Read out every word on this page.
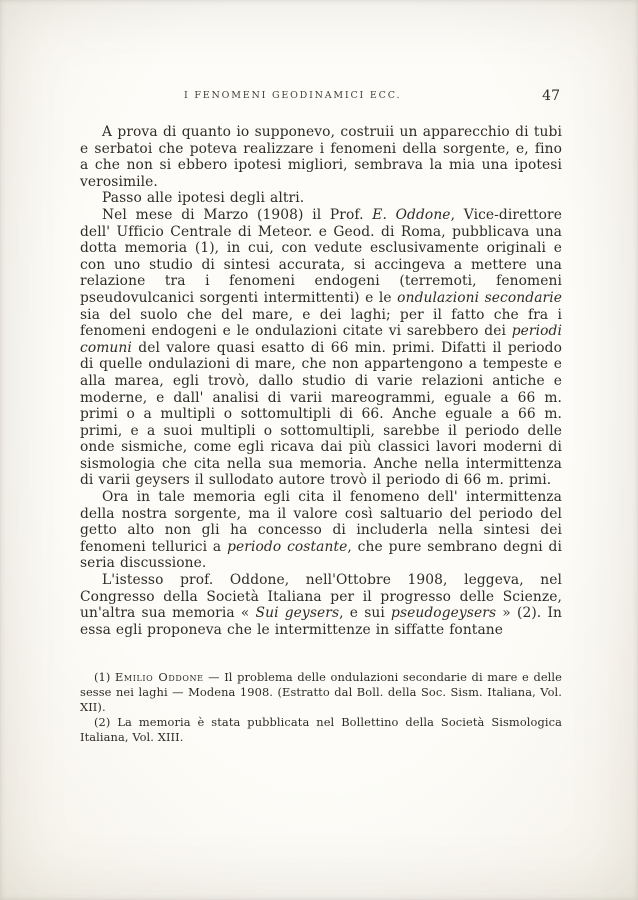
I FENOMENI GEODINAMICI ECC.	47

A prova di quanto io supponevo, costruii un apparecchio di tubi e serbatoi che poteva realizzare i fenomeni della sorgente, e, fino a che non si ebbero ipotesi migliori, sembrava la mia una ipotesi verosimile.

Passo alle ipotesi degli altri.

Nel mese di Marzo (1908) il Prof. E. Oddone, Vice-direttore dell' Ufficio Centrale di Meteor. e Geod. di Roma, pubblicava una dotta memoria (1), in cui, con vedute esclusivamente originali e con uno studio di sintesi accurata, si accingeva a mettere una relazione tra i fenomeni endogeni (terremoti, fenomeni pseudovulcanici sorgenti intermittenti) e le ondulazioni secondarie sia del suolo che del mare, e dei laghi; per il fatto che fra i fenomeni endogeni e le ondulazioni citate vi sarebbero dei periodi comuni del valore quasi esatto di 66 min. primi. Difatti il periodo di quelle ondulazioni di mare, che non appartengono a tempeste e alla marea, egli trovò, dallo studio di varie relazioni antiche e moderne, e dall' analisi di varii mareogrammi, eguale a 66 m. primi o a multipli o sottomultipli di 66. Anche eguale a 66 m. primi, e a suoi multipli o sottomultipli, sarebbe il periodo delle onde sismiche, come egli ricava dai più classici lavori moderni di sismologia che cita nella sua memoria. Anche nella intermittenza di varii geysers il sullodato autore trovò il periodo di 66 m. primi.

Ora in tale memoria egli cita il fenomeno dell' intermittenza della nostra sorgente, ma il valore così saltuario del periodo del getto alto non gli ha concesso di includerla nella sintesi dei fenomeni tellurici a periodo costante, che pure sembrano degni di seria discussione.

L'istesso prof. Oddone, nell'Ottobre 1908, leggeva, nel Congresso della Società Italiana per il progresso delle Scienze, un'altra sua memoria « Sui geysers, e sui pseudogeysers » (2). In essa egli proponeva che le intermittenze in siffatte fontane

(1) Emilio Oddone — Il problema delle ondulazioni secondarie di mare e delle sesse nei laghi — Modena 1908. (Estratto dal Boll. della Soc. Sism. Italiana, Vol. XII).

(2) La memoria è stata pubblicata nel Bollettino della Società Sismologica Italiana, Vol. XIII.
